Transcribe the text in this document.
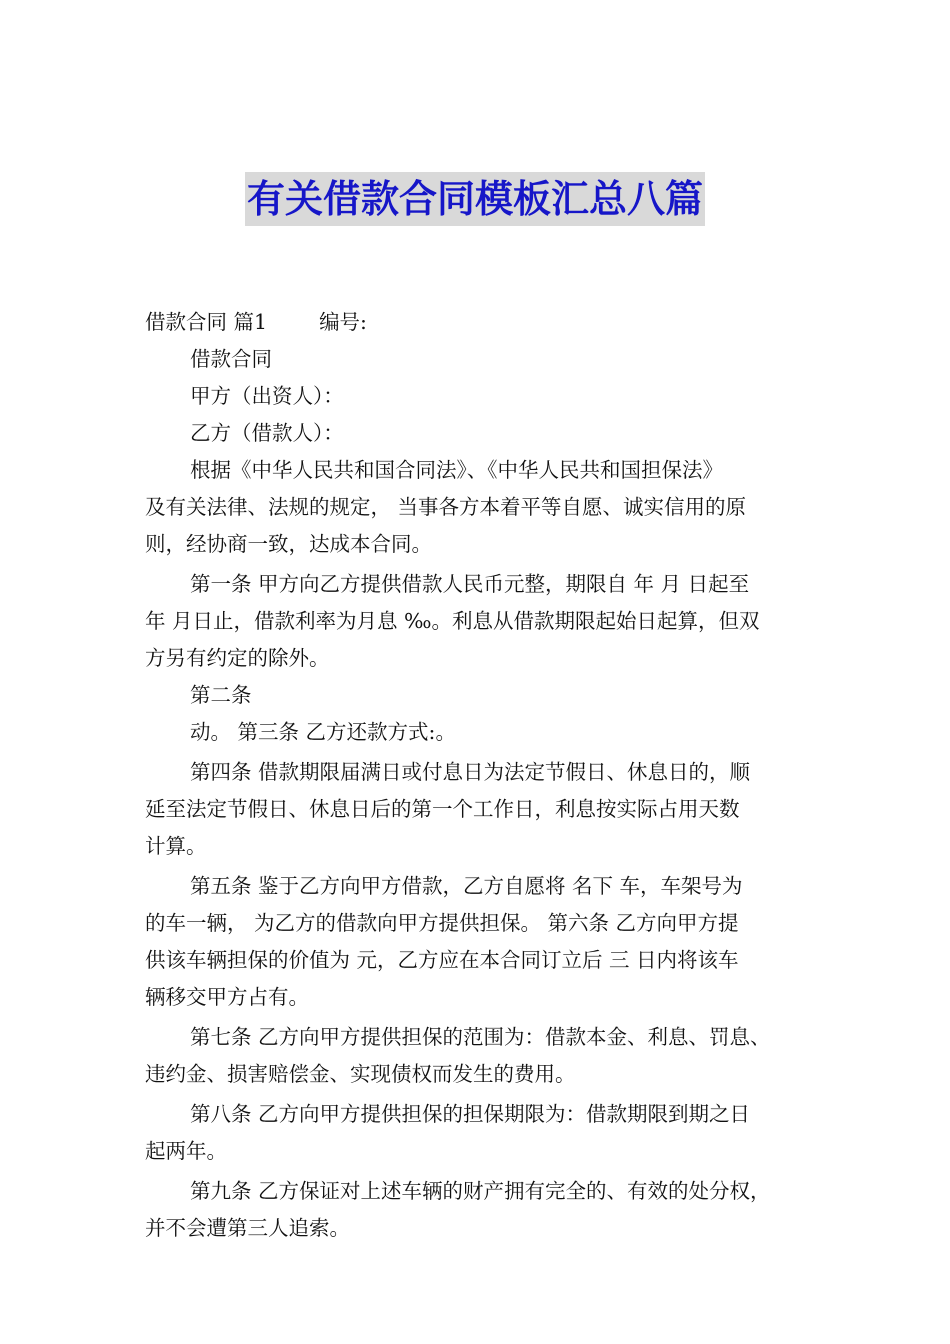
有关借款合同模板汇总八篇
借款合同 篇1	编号:
借款合同
甲方（出资人）：
乙方（借款人）：
根据《中华人民共和国合同法》、《中华人民共和国担保法》
及有关法律、法规的规定， 当事各方本着平等自愿、诚实信用的原
则，经协商一致，达成本合同。
第一条 甲方向乙方提供借款人民币元整，期限自 年 月 日起至
年 月日止，借款利率为月息 ‰。利息从借款期限起始日起算，但双
方另有约定的除外。
第二条
动。 第三条 乙方还款方式:。
第四条 借款期限届满日或付息日为法定节假日、休息日的，顺
延至法定节假日、休息日后的第一个工作日，利息按实际占用天数
计算。
第五条 鉴于乙方向甲方借款，乙方自愿将 名下 车，车架号为
的车一辆， 为乙方的借款向甲方提供担保。 第六条 乙方向甲方提
供该车辆担保的价值为 元，乙方应在本合同订立后 三 日内将该车
辆移交甲方占有。
第七条 乙方向甲方提供担保的范围为：借款本金、利息、罚息、
违约金、损害赔偿金、实现债权而发生的费用。
第八条 乙方向甲方提供担保的担保期限为：借款期限到期之日
起两年。
第九条 乙方保证对上述车辆的财产拥有完全的、有效的处分权，
并不会遭第三人追索。
